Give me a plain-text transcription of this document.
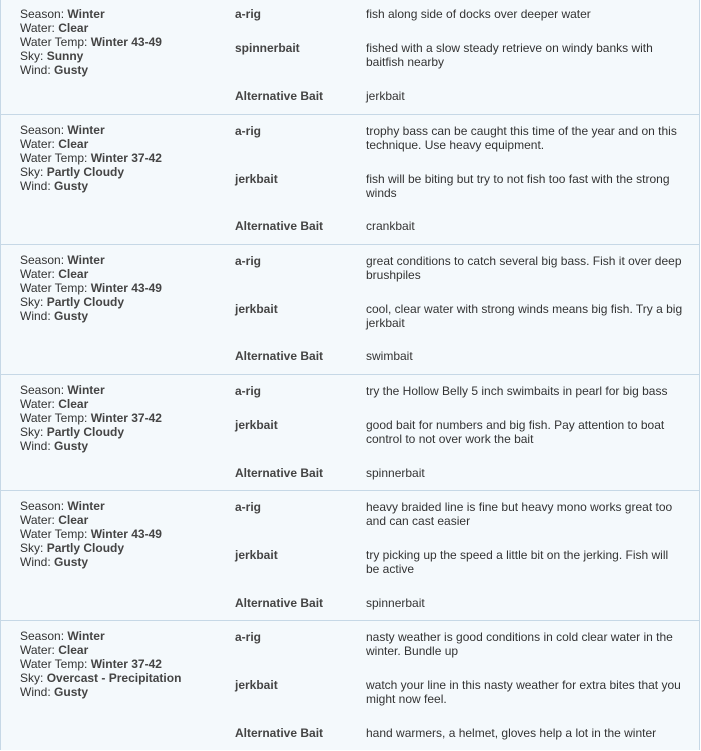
Season: Winter
Water: Clear
Water Temp: Winter 43-49
Sky: Sunny
Wind: Gusty
a-rig	fish along side of docks over deeper water
spinnerbait	fished with a slow steady retrieve on windy banks with baitfish nearby
Alternative Bait	jerkbait
Season: Winter
Water: Clear
Water Temp: Winter 37-42
Sky: Partly Cloudy
Wind: Gusty
a-rig	trophy bass can be caught this time of the year and on this technique. Use heavy equipment.
jerkbait	fish will be biting but try to not fish too fast with the strong winds
Alternative Bait	crankbait
Season: Winter
Water: Clear
Water Temp: Winter 43-49
Sky: Partly Cloudy
Wind: Gusty
a-rig	great conditions to catch several big bass. Fish it over deep brushpiles
jerkbait	cool, clear water with strong winds means big fish. Try a big jerkbait
Alternative Bait	swimbait
Season: Winter
Water: Clear
Water Temp: Winter 37-42
Sky: Partly Cloudy
Wind: Gusty
a-rig	try the Hollow Belly 5 inch swimbaits in pearl for big bass
jerkbait	good bait for numbers and big fish. Pay attention to boat control to not over work the bait
Alternative Bait	spinnerbait
Season: Winter
Water: Clear
Water Temp: Winter 43-49
Sky: Partly Cloudy
Wind: Gusty
a-rig	heavy braided line is fine but heavy mono works great too and can cast easier
jerkbait	try picking up the speed a little bit on the jerking. Fish will be active
Alternative Bait	spinnerbait
Season: Winter
Water: Clear
Water Temp: Winter 37-42
Sky: Overcast - Precipitation
Wind: Gusty
a-rig	nasty weather is good conditions in cold clear water in the winter. Bundle up
jerkbait	watch your line in this nasty weather for extra bites that you might now feel.
Alternative Bait	hand warmers, a helmet, gloves help a lot in the winter
